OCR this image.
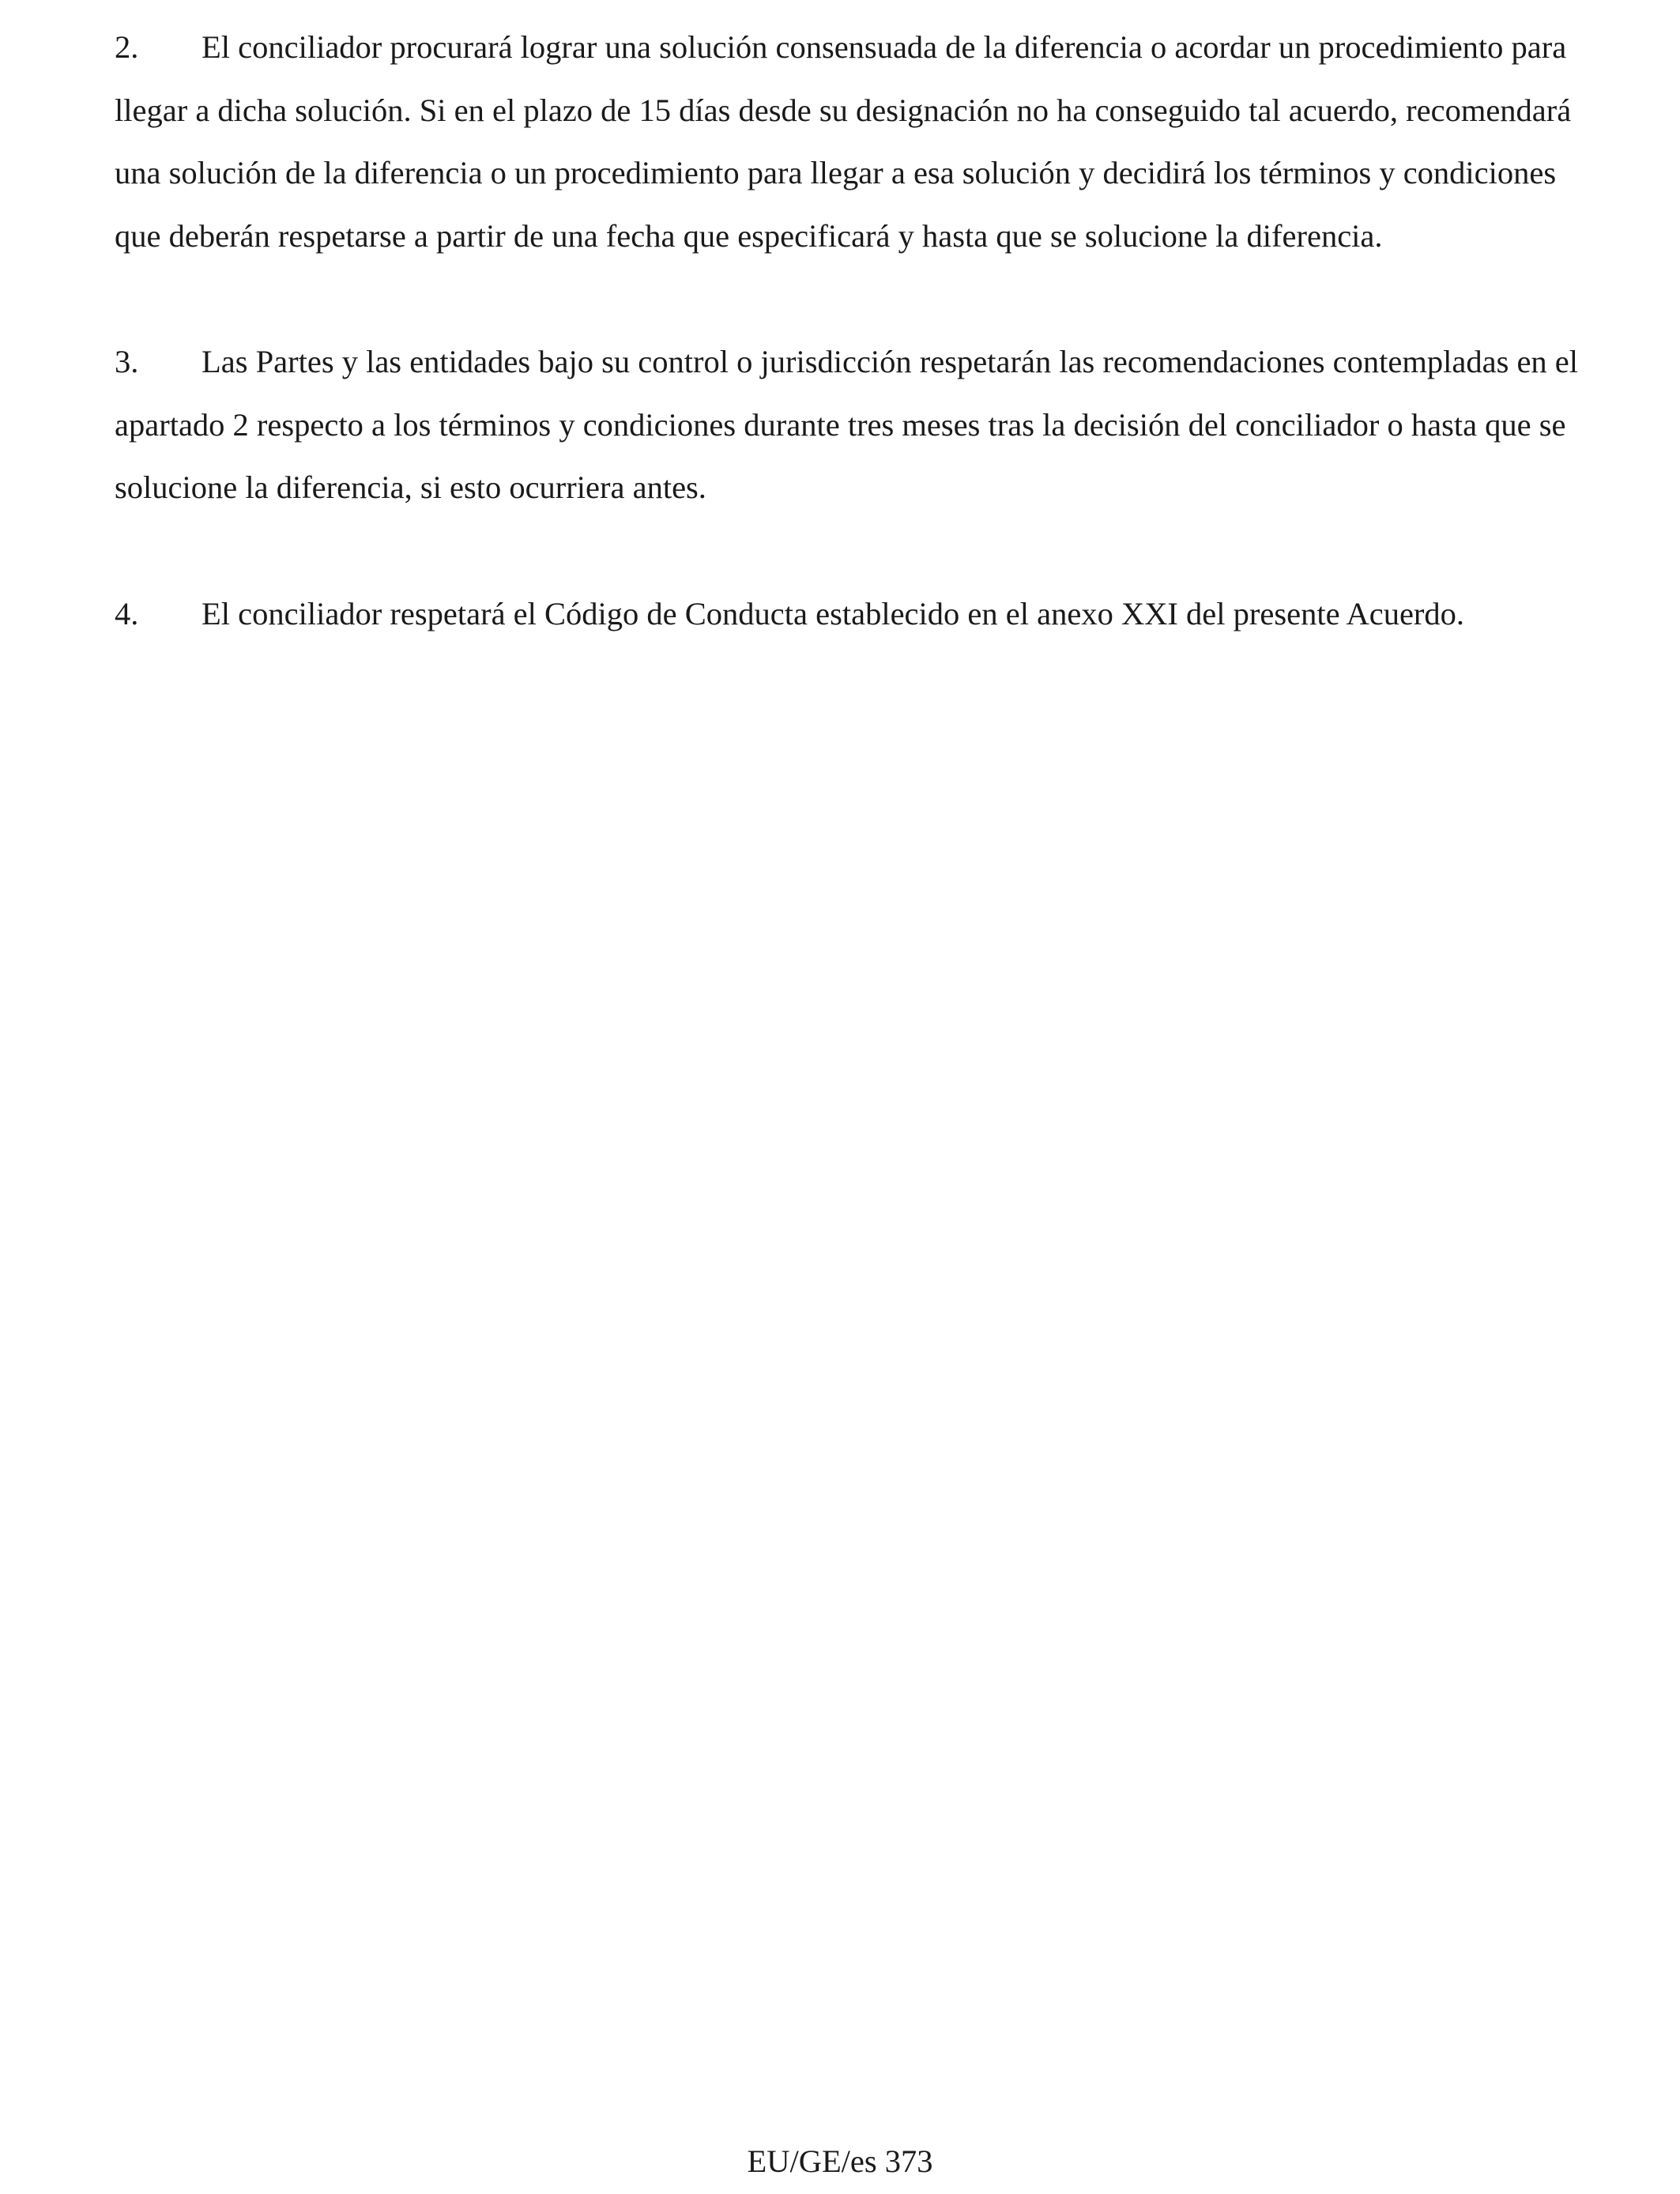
2. El conciliador procurará lograr una solución consensuada de la diferencia o acordar un procedimiento para llegar a dicha solución. Si en el plazo de 15 días desde su designación no ha conseguido tal acuerdo, recomendará una solución de la diferencia o un procedimiento para llegar a esa solución y decidirá los términos y condiciones que deberán respetarse a partir de una fecha que especificará y hasta que se solucione la diferencia.

3. Las Partes y las entidades bajo su control o jurisdicción respetarán las recomendaciones contempladas en el apartado 2 respecto a los términos y condiciones durante tres meses tras la decisión del conciliador o hasta que se solucione la diferencia, si esto ocurriera antes.

4. El conciliador respetará el Código de Conducta establecido en el anexo XXI del presente Acuerdo.

EU/GE/es 373
